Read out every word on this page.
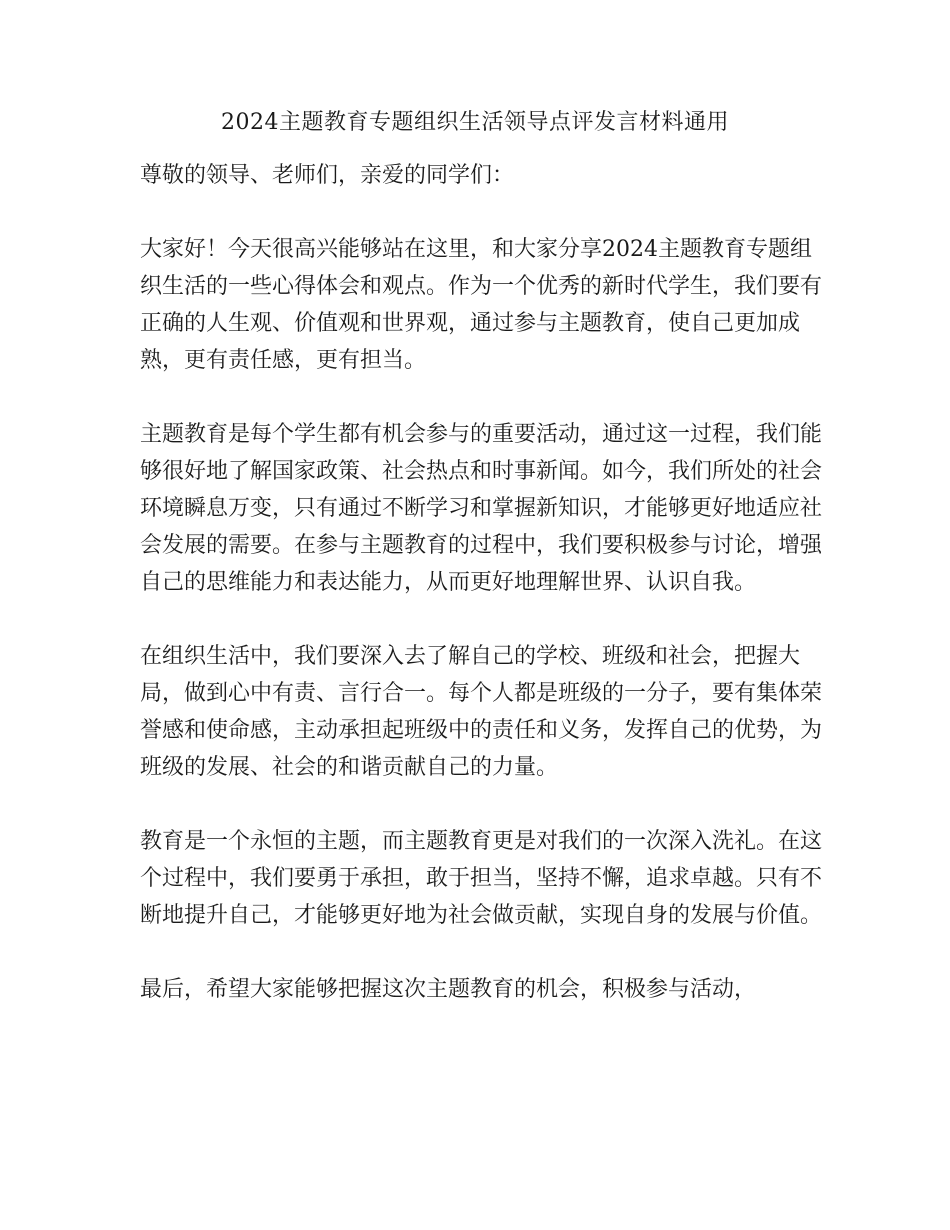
2024主题教育专题组织生活领导点评发言材料通用

尊敬的领导、老师们，亲爱的同学们：

大家好！今天很高兴能够站在这里，和大家分享2024主题教育专题组织生活的一些心得体会和观点。作为一个优秀的新时代学生，我们要有正确的人生观、价值观和世界观，通过参与主题教育，使自己更加成熟，更有责任感，更有担当。

主题教育是每个学生都有机会参与的重要活动，通过这一过程，我们能够很好地了解国家政策、社会热点和时事新闻。如今，我们所处的社会环境瞬息万变，只有通过不断学习和掌握新知识，才能够更好地适应社会发展的需要。在参与主题教育的过程中，我们要积极参与讨论，增强自己的思维能力和表达能力，从而更好地理解世界、认识自我。

在组织生活中，我们要深入去了解自己的学校、班级和社会，把握大局，做到心中有责、言行合一。每个人都是班级的一分子，要有集体荣誉感和使命感，主动承担起班级中的责任和义务，发挥自己的优势，为班级的发展、社会的和谐贡献自己的力量。

教育是一个永恒的主题，而主题教育更是对我们的一次深入洗礼。在这个过程中，我们要勇于承担，敢于担当，坚持不懈，追求卓越。只有不断地提升自己，才能够更好地为社会做贡献，实现自身的发展与价值。

最后，希望大家能够把握这次主题教育的机会，积极参与活动，
